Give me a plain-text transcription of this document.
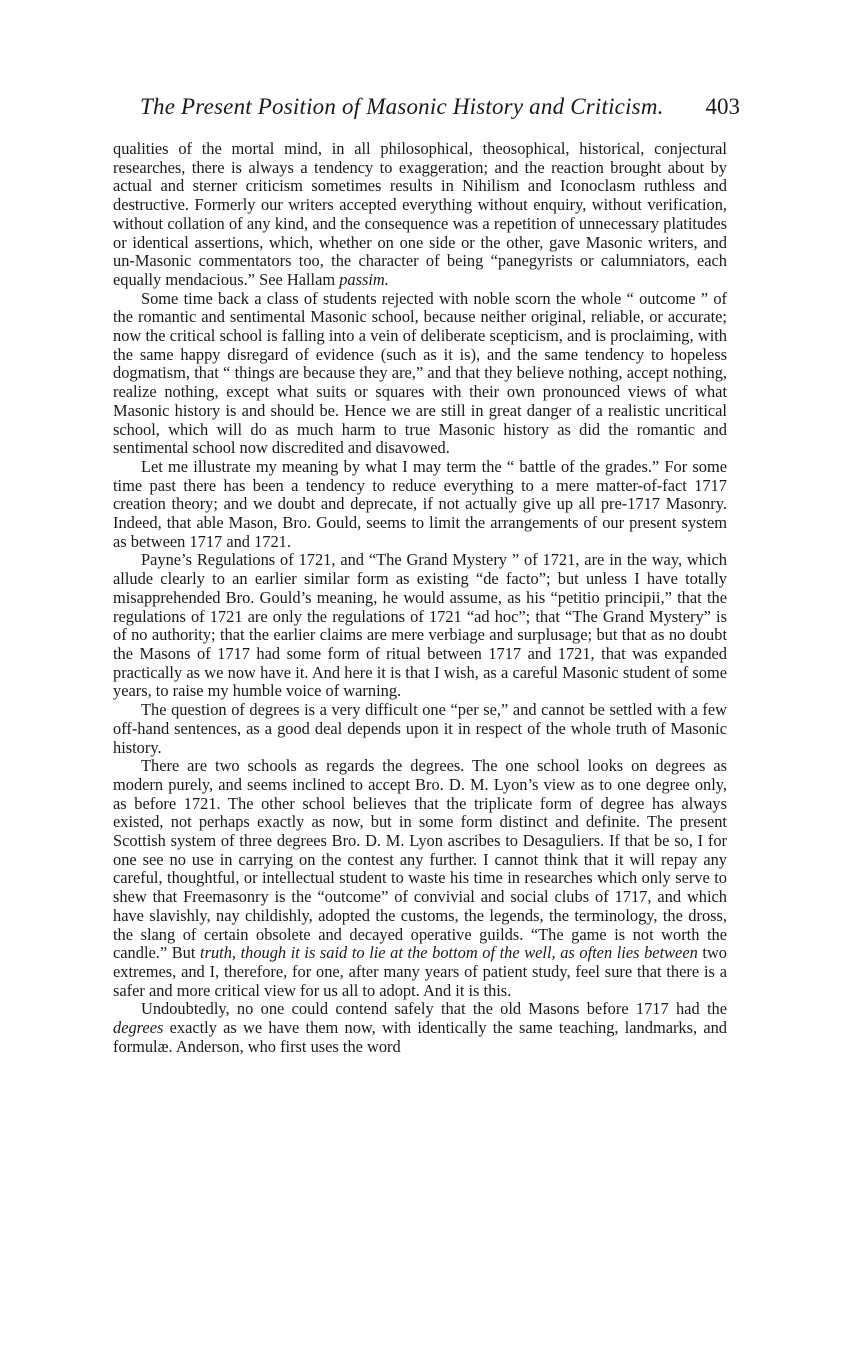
The Present Position of Masonic History and Criticism. 403

qualities of the mortal mind, in all philosophical, theosophical, historical, conjectural researches, there is always a tendency to exaggeration; and the reaction brought about by actual and sterner criticism sometimes results in Nihilism and Iconoclasm ruthless and destructive. Formerly our writers accepted everything without enquiry, without verification, without collation of any kind, and the consequence was a repetition of unnecessary platitudes or identical assertions, which, whether on one side or the other, gave Masonic writers, and un-Masonic commentators too, the character of being “panegyrists or calumniators, each equally mendacious.” See Hallam passim.

Some time back a class of students rejected with noble scorn the whole “ outcome ” of the romantic and sentimental Masonic school, because neither original, reliable, or accurate; now the critical school is falling into a vein of deliberate scepticism, and is proclaiming, with the same happy disregard of evidence (such as it is), and the same tendency to hopeless dogmatism, that “ things are because they are,” and that they believe nothing, accept nothing, realize nothing, except what suits or squares with their own pronounced views of what Masonic history is and should be. Hence we are still in great danger of a realistic uncritical school, which will do as much harm to true Masonic history as did the romantic and sentimental school now discredited and disavowed.

Let me illustrate my meaning by what I may term the “ battle of the grades.” For some time past there has been a tendency to reduce everything to a mere matter-of-fact 1717 creation theory; and we doubt and deprecate, if not actually give up all pre-1717 Masonry. Indeed, that able Mason, Bro. Gould, seems to limit the arrangements of our present system as between 1717 and 1721.

Payne’s Regulations of 1721, and “The Grand Mystery ” of 1721, are in the way, which allude clearly to an earlier similar form as existing “de facto”; but unless I have totally misapprehended Bro. Gould’s meaning, he would assume, as his “petitio principii,” that the regulations of 1721 are only the regulations of 1721 “ad hoc”; that “The Grand Mystery” is of no authority; that the earlier claims are mere verbiage and surplusage; but that as no doubt the Masons of 1717 had some form of ritual between 1717 and 1721, that was expanded practically as we now have it. And here it is that I wish, as a careful Masonic student of some years, to raise my humble voice of warning.

The question of degrees is a very difficult one “per se,” and cannot be settled with a few off-hand sentences, as a good deal depends upon it in respect of the whole truth of Masonic history.

There are two schools as regards the degrees. The one school looks on degrees as modern purely, and seems inclined to accept Bro. D. M. Lyon’s view as to one degree only, as before 1721. The other school believes that the triplicate form of degree has always existed, not perhaps exactly as now, but in some form distinct and definite. The present Scottish system of three degrees Bro. D. M. Lyon ascribes to Desaguliers. If that be so, I for one see no use in carrying on the contest any further. I cannot think that it will repay any careful, thoughtful, or intellectual student to waste his time in researches which only serve to shew that Freemasonry is the “outcome” of convivial and social clubs of 1717, and which have slavishly, nay childishly, adopted the customs, the legends, the terminology, the dross, the slang of certain obsolete and decayed operative guilds. “The game is not worth the candle.” But truth, though it is said to lie at the bottom of the well, as often lies between two extremes, and I, therefore, for one, after many years of patient study, feel sure that there is a safer and more critical view for us all to adopt. And it is this.

Undoubtedly, no one could contend safely that the old Masons before 1717 had the degrees exactly as we have them now, with identically the same teaching, landmarks, and formulæ. Anderson, who first uses the word
